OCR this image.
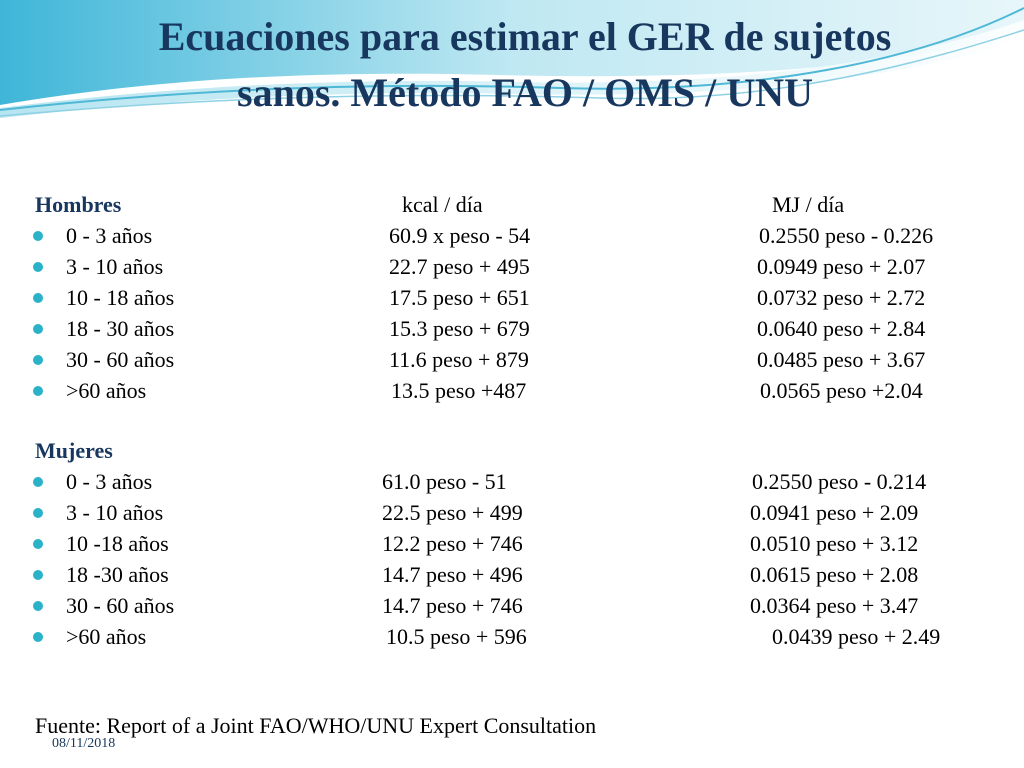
Ecuaciones para estimar el GER de sujetos
sanos. Método FAO / OMS / UNU
Hombres	kcal / día	MJ / día
0 - 3 años	60.9 x peso - 54	0.2550 peso - 0.226
3 - 10 años	22.7 peso + 495	0.0949 peso + 2.07
10 - 18 años	17.5 peso + 651	0.0732 peso + 2.72
18 - 30 años	15.3 peso + 679	0.0640 peso + 2.84
30 - 60 años	11.6 peso + 879	0.0485 peso + 3.67
>60 años	13.5 peso +487	0.0565 peso +2.04
Mujeres
0 - 3 años	61.0 peso - 51	0.2550 peso - 0.214
3 - 10 años	22.5 peso + 499	0.0941 peso + 2.09
10 -18 años	12.2 peso + 746	0.0510 peso + 3.12
18 -30 años	14.7 peso + 496	0.0615 peso + 2.08
30 - 60 años	14.7 peso + 746	0.0364 peso + 3.47
>60 años	10.5 peso + 596	0.0439 peso + 2.49
Fuente: Report of a Joint FAO/WHO/UNU Expert Consultation
08/11/2018
